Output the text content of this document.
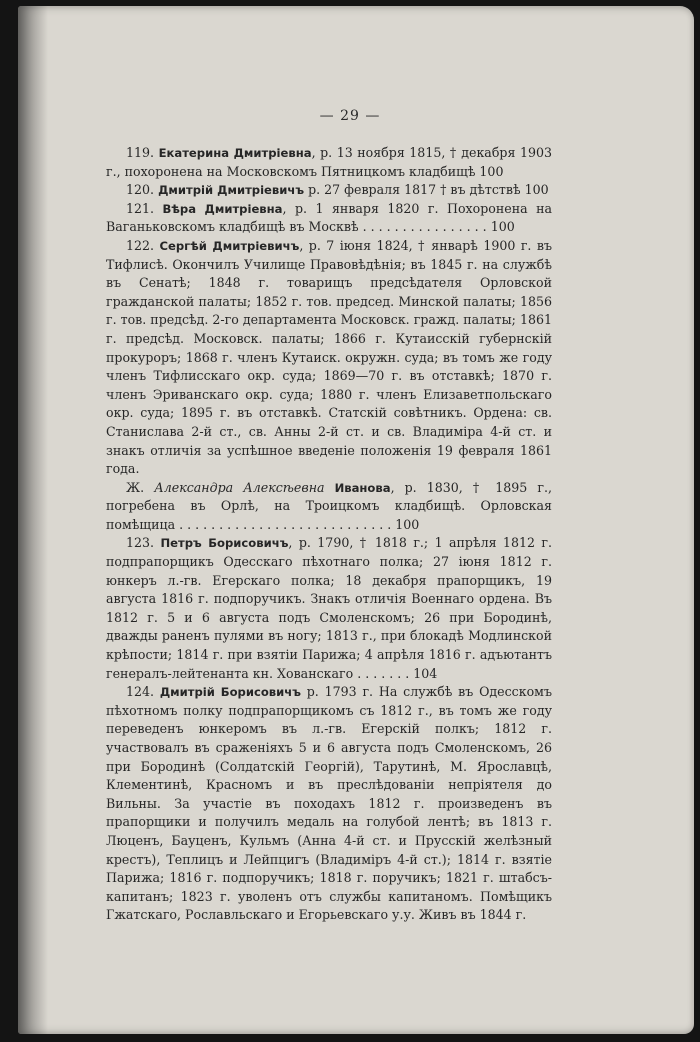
— 29 —

119. Екатерина Дмитріевна, р. 13 ноября 1815, † декабря 1903 г., похоронена на Московскомъ Пятницкомъ кладбищѣ 100

120. Дмитрій Дмитріевичъ р. 27 февраля 1817 † въ дѣтствѣ 100

121. Вѣра Дмитріевна, р. 1 января 1820 г. Похоронена на Ваганьковскомъ кладбищѣ въ Москвѣ . . . . . . . . . . . . . . . . 100

122. Сергѣй Дмитріевичъ, р. 7 іюня 1824, † январѣ 1900 г. въ Тифлисѣ. Окончилъ Училище Правовѣдѣнія; въ 1845 г. на службѣ въ Сенатѣ; 1848 г. товарищъ предсѣдателя Орловской гражданской палаты; 1852 г. тов. председ. Минской палаты; 1856 г. тов. предсѣд. 2-го департамента Московск. гражд. палаты; 1861 г. предсѣд. Московск. палаты; 1866 г. Кутаисскій губернскій прокуроръ; 1868 г. членъ Кутаиск. окружн. суда; въ томъ же году членъ Тифлисскаго окр. суда; 1869—70 г. въ отставкѣ; 1870 г. членъ Эриванскаго окр. суда; 1880 г. членъ Елизаветпольскаго окр. суда; 1895 г. въ отставкѣ. Статскій совѣтникъ. Ордена: св. Станислава 2-й ст., св. Анны 2-й ст. и св. Владиміра 4-й ст. и знакъ отличія за успѣшное введеніе положенія 19 февраля 1861 года.

Ж. Александра Алексѣевна Иванова, р. 1830, † 1895 г., погребена въ Орлѣ, на Троицкомъ кладбищѣ. Орловская помѣщица . . . . . . . . . . . . . . . . . . . . . . . . . . . 100

123. Петръ Борисовичъ, р. 1790, † 1818 г.; 1 апрѣля 1812 г. подпрапорщикъ Одесскаго пѣхотнаго полка; 27 іюня 1812 г. юнкеръ л.-гв. Егерскаго полка; 18 декабря прапорщикъ, 19 августа 1816 г. подпоручикъ. Знакъ отличія Военнаго ордена. Въ 1812 г. 5 и 6 августа подъ Смоленскомъ; 26 при Бородинѣ, дважды раненъ пулями въ ногу; 1813 г., при блокадѣ Модлинской крѣпости; 1814 г. при взятіи Парижа; 4 апрѣля 1816 г. адъютантъ генералъ-лейтенанта кн. Хованскаго . . . . . . . 104

124. Дмитрій Борисовичъ р. 1793 г. На службѣ въ Одесскомъ пѣхотномъ полку подпрапорщикомъ съ 1812 г., въ томъ же году переведенъ юнкеромъ въ л.-гв. Егерскій полкъ; 1812 г. участвовалъ въ сраженіяхъ 5 и 6 августа подъ Смоленскомъ, 26 при Бородинѣ (Солдатскій Георгій), Тарутинѣ, М. Ярославцѣ, Клементинѣ, Красномъ и въ преслѣдованіи непріятеля до Вильны. За участіе въ походахъ 1812 г. произведенъ въ прапорщики и получилъ медаль на голубой лентѣ; въ 1813 г. Люценъ, Бауценъ, Кульмъ (Анна 4-й ст. и Прусскій желѣзный крестъ), Теплицъ и Лейпцигъ (Владиміръ 4-й ст.); 1814 г. взятіе Парижа; 1816 г. подпоручикъ; 1818 г. поручикъ; 1821 г. штабсъ-капитанъ; 1823 г. уволенъ отъ службы капитаномъ. Помѣщикъ Гжатскаго, Рославльскаго и Егорьевскаго у.у. Живъ въ 1844 г.
